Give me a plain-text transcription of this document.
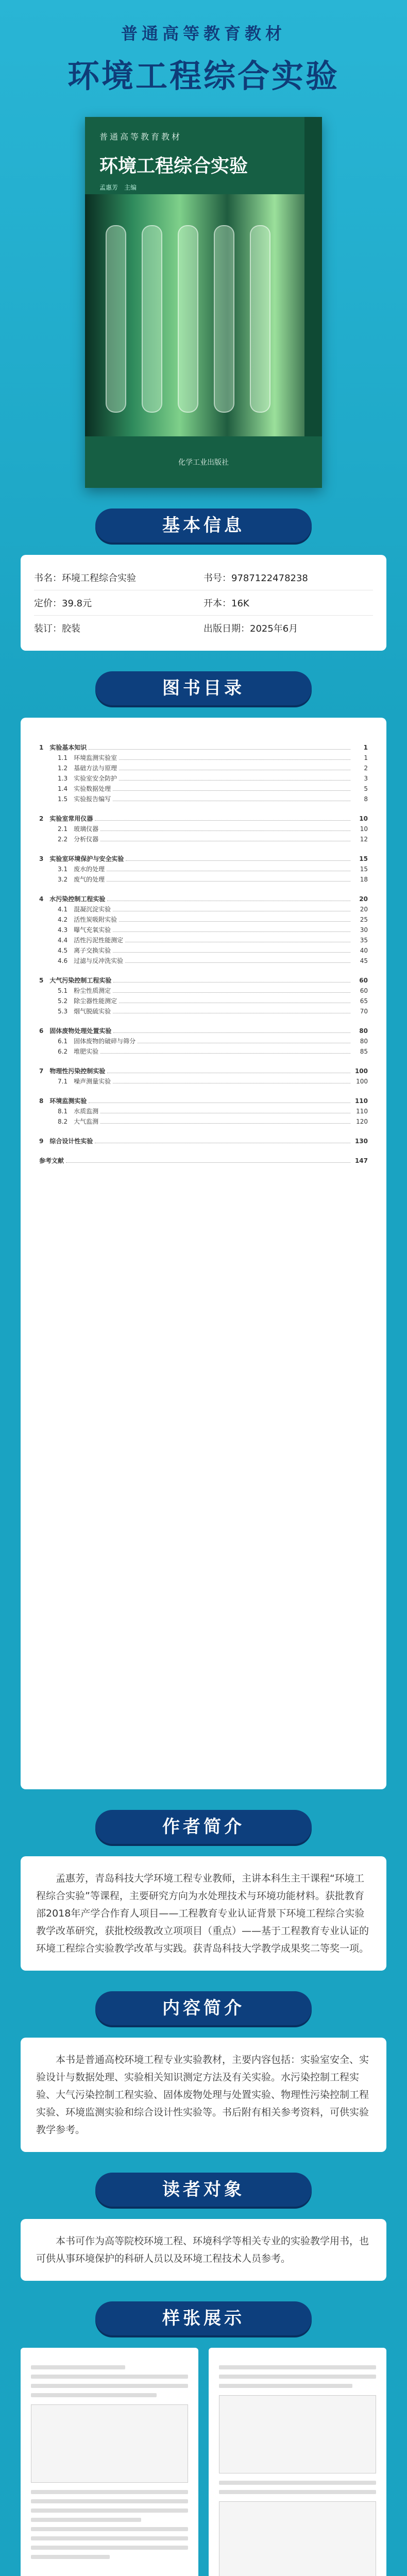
普通高等教育教材
环境工程综合实验
普通高等教育教材
环境工程综合实验
孟惠芳　主编
化学工业出版社
基本信息
书名：环境工程综合实验	书号：9787122478238
定价：39.8元	开本：16K
装订：胶装	出版日期：2025年6月
图书目录
1　实验基本知识	1
1.1　环境监测实验室	1
1.2　基础方法与原理	2
1.3　实验室安全防护	3
1.4　实验数据处理	5
1.5　实验报告编写	8
2　实验室常用仪器	10
2.1　玻璃仪器	10
2.2　分析仪器	12
3　实验室环境保护与安全实验	15
3.1　废水的处理	15
3.2　废气的处理	18
4　水污染控制工程实验	20
4.1　混凝沉淀实验	20
4.2　活性炭吸附实验	25
4.3　曝气充氧实验	30
4.4　活性污泥性能测定	35
4.5　离子交换实验	40
4.6　过滤与反冲洗实验	45
5　大气污染控制工程实验	60
5.1　粉尘性质测定	60
5.2　除尘器性能测定	65
5.3　烟气脱硫实验	70
6　固体废物处理处置实验	80
6.1　固体废物的破碎与筛分	80
6.2　堆肥实验	85
7　物理性污染控制实验	100
7.1　噪声测量实验	100
8　环境监测实验	110
8.1　水质监测	110
8.2　大气监测	120
9　综合设计性实验	130
参考文献	147
作者简介
孟惠芳，青岛科技大学环境工程专业教师，主讲本科生主干课程“环境工程综合实验”等课程，主要研究方向为水处理技术与环境功能材料。获批教育部2018年产学合作育人项目——工程教育专业认证背景下环境工程综合实验教学改革研究，获批校级教改立项项目（重点）——基于工程教育专业认证的环境工程综合实验教学改革与实践。获青岛科技大学教学成果奖二等奖一项。
内容简介
本书是普通高校环境工程专业实验教材，主要内容包括：实验室安全、实验设计与数据处理、实验相关知识测定方法及有关实验。水污染控制工程实验、大气污染控制工程实验、固体废物处理与处置实验、物理性污染控制工程实验、环境监测实验和综合设计性实验等。书后附有相关参考资料，可供实验教学参考。
读者对象
本书可作为高等院校环境工程、环境科学等相关专业的实验教学用书，也可供从事环境保护的科研人员以及环境工程技术人员参考。
样张展示
